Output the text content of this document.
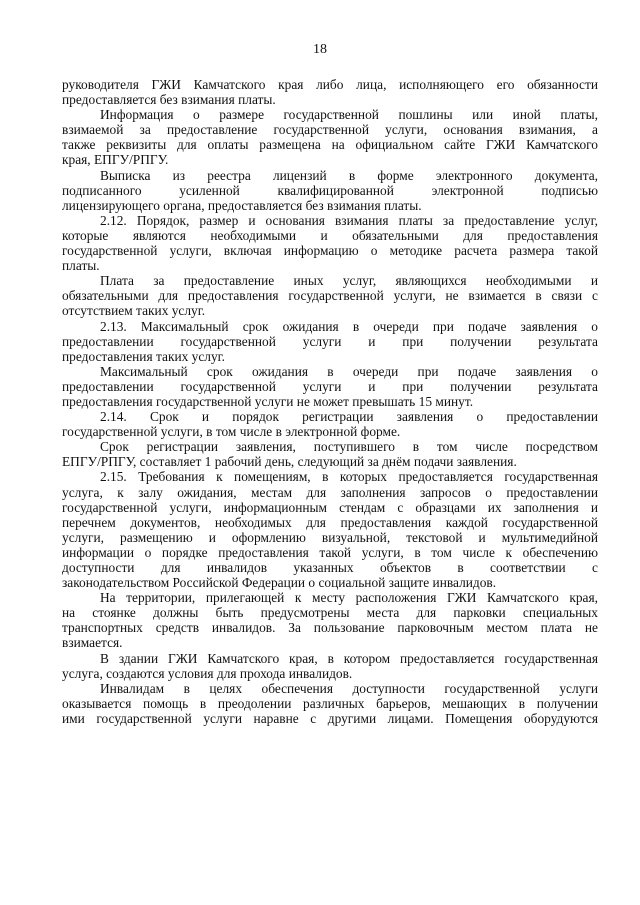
18

руководителя ГЖИ Камчатского края либо лица, исполняющего его обязанности
предоставляется без взимания платы.

Информация о размере государственной пошлины или иной платы,
взимаемой за предоставление государственной услуги, основания взимания, а
также реквизиты для оплаты размещена на официальном сайте ГЖИ Камчатского
края, ЕПГУ/РПГУ.

Выписка из реестра лицензий в форме электронного документа,
подписанного усиленной квалифицированной электронной подписью
лицензирующего органа, предоставляется без взимания платы.

2.12. Порядок, размер и основания взимания платы за предоставление услуг,
которые являются необходимыми и обязательными для предоставления
государственной услуги, включая информацию о методике расчета размера такой
платы.

Плата за предоставление иных услуг, являющихся необходимыми и
обязательными для предоставления государственной услуги, не взимается в связи с
отсутствием таких услуг.

2.13. Максимальный срок ожидания в очереди при подаче заявления о
предоставлении государственной услуги и при получении результата
предоставления таких услуг.

Максимальный срок ожидания в очереди при подаче заявления о
предоставлении государственной услуги и при получении результата
предоставления государственной услуги не может превышать 15 минут.

2.14. Срок и порядок регистрации заявления о предоставлении
государственной услуги, в том числе в электронной форме.

Срок регистрации заявления, поступившего в том числе посредством
ЕПГУ/РПГУ, составляет 1 рабочий день, следующий за днём подачи заявления.

2.15. Требования к помещениям, в которых предоставляется государственная
услуга, к залу ожидания, местам для заполнения запросов о предоставлении
государственной услуги, информационным стендам с образцами их заполнения и
перечнем документов, необходимых для предоставления каждой государственной
услуги, размещению и оформлению визуальной, текстовой и мультимедийной
информации о порядке предоставления такой услуги, в том числе к обеспечению
доступности для инвалидов указанных объектов в соответствии с
законодательством Российской Федерации о социальной защите инвалидов.

На территории, прилегающей к месту расположения ГЖИ Камчатского края,
на стоянке должны быть предусмотрены места для парковки специальных
транспортных средств инвалидов. За пользование парковочным местом плата не
взимается.

В здании ГЖИ Камчатского края, в котором предоставляется государственная
услуга, создаются условия для прохода инвалидов.

Инвалидам в целях обеспечения доступности государственной услуги
оказывается помощь в преодолении различных барьеров, мешающих в получении
ими государственной услуги наравне с другими лицами. Помещения оборудуются
